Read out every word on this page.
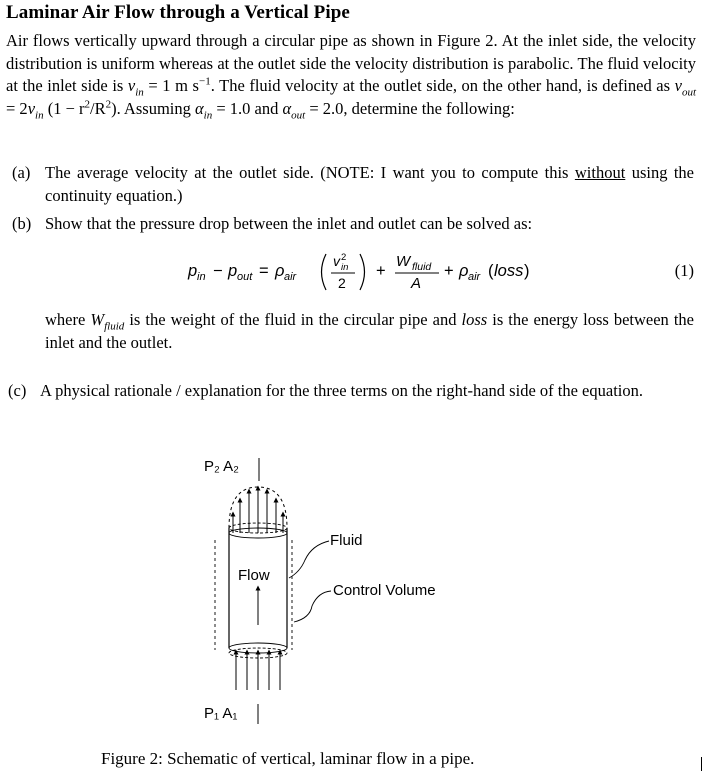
Laminar Air Flow through a Vertical Pipe

Air flows vertically upward through a circular pipe as shown in Figure 2. At the inlet side, the velocity distribution is uniform whereas at the outlet side the velocity distribution is parabolic. The fluid velocity at the inlet side is $v_{in} = 1$ m $s^{-1}$. The fluid velocity at the outlet side, on the other hand, is defined as $v_{out} = 2v_{in}$ $(1 - r^2/R^2)$. Assuming $\alpha_{in} = 1.0$ and $\alpha_{out} = 2.0$, determine the following:

(a) The average velocity at the outlet side. (NOTE: I want you to compute this without using the continuity equation.)
(b) Show that the pressure drop between the inlet and outlet can be solved as:
where $W_{fluid}$ is the weight of the fluid in the circular pipe and loss is the energy loss between the inlet and the outlet.
(c) A physical rationale / explanation for the three terms on the right-hand side of the equation.
p in − p out = ρ air
v 2
in
2
+
W fluid
A
+ ρ air ( loss )	(1)
P₂ A₂
P₁ A₁
Fluid
Control Volume
Flow
Figure 2: Schematic of vertical, laminar flow in a pipe.
